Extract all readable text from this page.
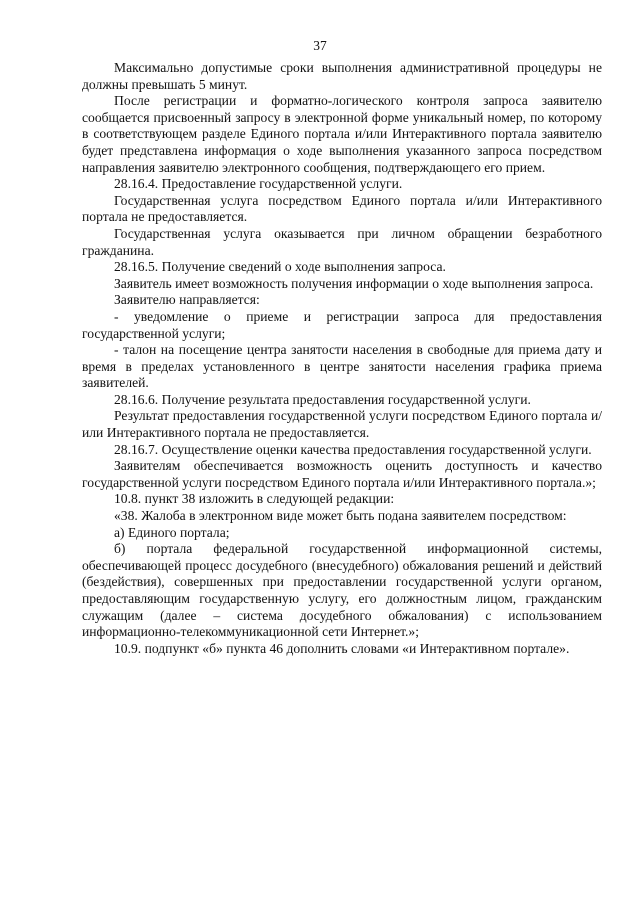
37

Максимально допустимые сроки выполнения административной процедуры не должны превышать 5 минут.

После регистрации и форматно-логического контроля запроса заявителю сообщается присвоенный запросу в электронной форме уникальный номер, по которому в соответствующем разделе Единого портала и/или Интерактивного портала заявителю будет представлена информация о ходе выполнения указанного запроса посредством направления заявителю электронного сообщения, подтверждающего его прием.

28.16.4. Предоставление государственной услуги.

Государственная услуга посредством Единого портала и/или Интерактивного портала не предоставляется.

Государственная услуга оказывается при личном обращении безработного гражданина.

28.16.5. Получение сведений о ходе выполнения запроса.

Заявитель имеет возможность получения информации о ходе выполнения запроса.

Заявителю направляется:

- уведомление о приеме и регистрации запроса для предоставления государственной услуги;

- талон на посещение центра занятости населения в свободные для приема дату и время в пределах установленного в центре занятости населения графика приема заявителей.

28.16.6. Получение результата предоставления государственной услуги.

Результат предоставления государственной услуги посредством Единого портала и/или Интерактивного портала не предоставляется.

28.16.7. Осуществление оценки качества предоставления государственной услуги.

Заявителям обеспечивается возможность оценить доступность и качество государственной услуги посредством Единого портала и/или Интерактивного портала.»;

10.8. пункт 38 изложить в следующей редакции:

«38. Жалоба в электронном виде может быть подана заявителем посредством:

а) Единого портала;

б) портала федеральной государственной информационной системы, обеспечивающей процесс досудебного (внесудебного) обжалования решений и действий (бездействия), совершенных при предоставлении государственной услуги органом, предоставляющим государственную услугу, его должностным лицом, гражданским служащим (далее – система досудебного обжалования) с использованием информационно-телекоммуникационной сети Интернет.»;

10.9. подпункт «б» пункта 46 дополнить словами «и Интерактивном портале».
